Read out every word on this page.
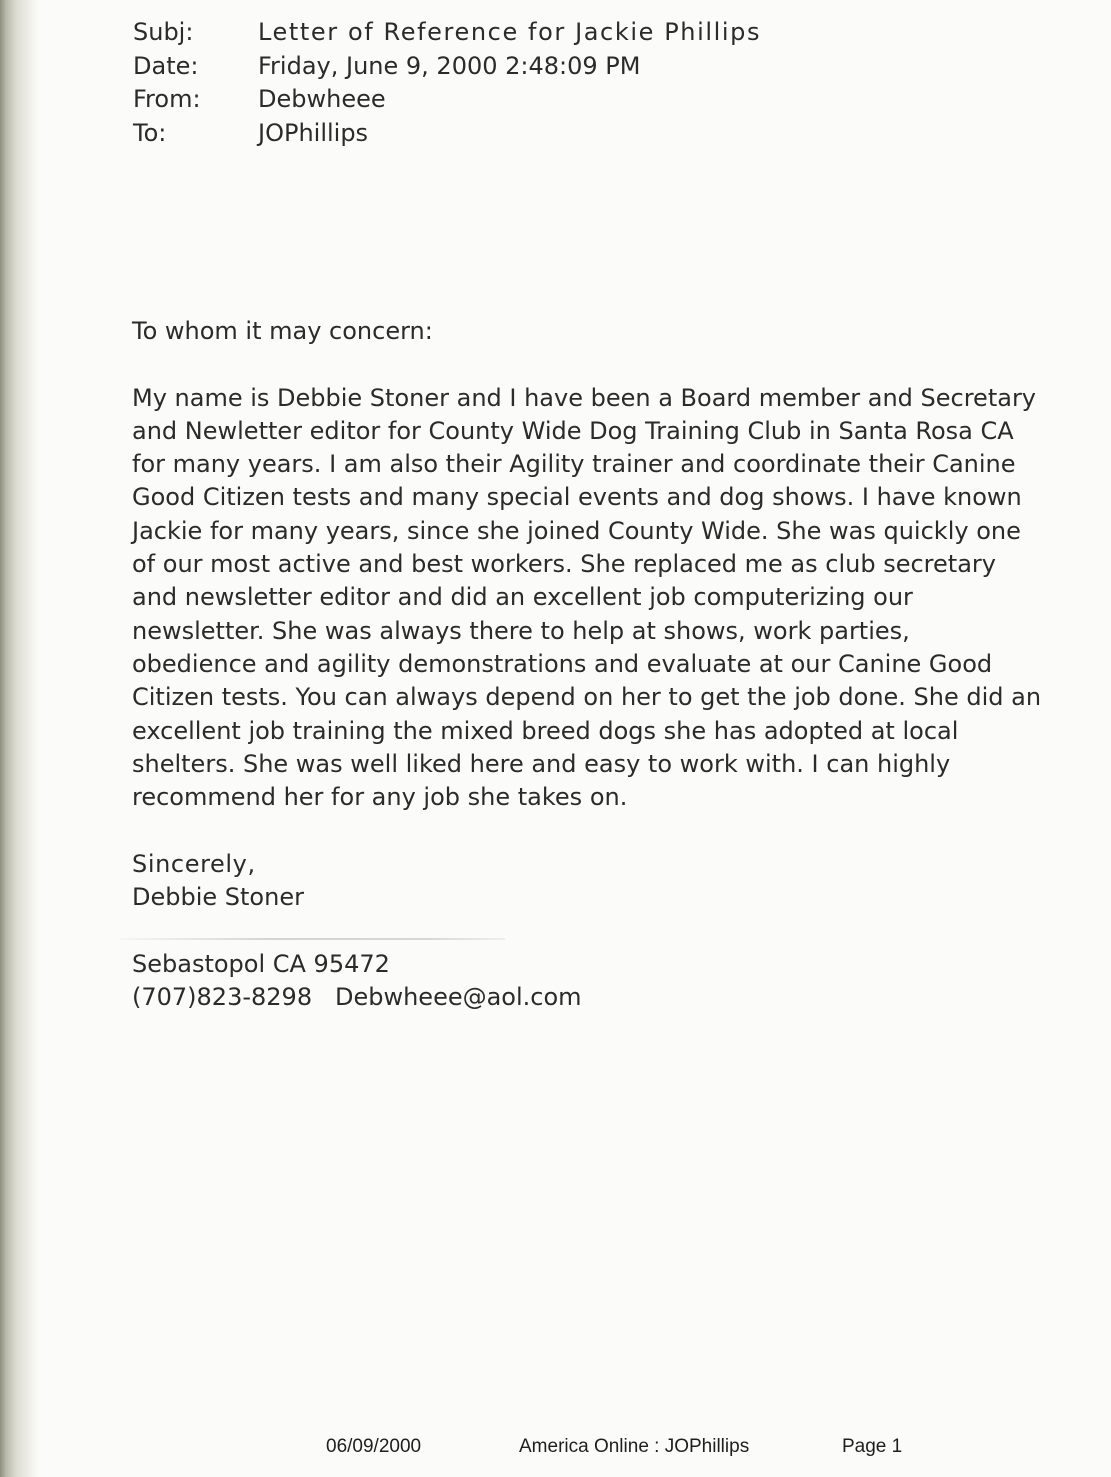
Subj:	Letter of Reference for Jackie Phillips
Date:	Friday, June 9, 2000 2:48:09 PM
From:	Debwheee
To:	JOPhillips
To whom it may concern:
My name is Debbie Stoner and I have been a Board member and Secretary
and Newletter editor for County Wide Dog Training Club in Santa Rosa CA
for many years. I am also their Agility trainer and coordinate their Canine
Good Citizen tests and many special events and dog shows. I have known
Jackie for many years, since she joined County Wide. She was quickly one
of our most active and best workers. She replaced me as club secretary
and newsletter editor and did an excellent job computerizing our
newsletter. She was always there to help at shows, work parties,
obedience and agility demonstrations and evaluate at our Canine Good
Citizen tests. You can always depend on her to get the job done. She did an
excellent job training the mixed breed dogs she has adopted at local
shelters. She was well liked here and easy to work with. I can highly
recommend her for any job she takes on.
Sincerely,
Debbie Stoner
Sebastopol CA 95472
(707)823-8298 Debwheee@aol.com
06/09/2000	America Online : JOPhillips	Page 1
